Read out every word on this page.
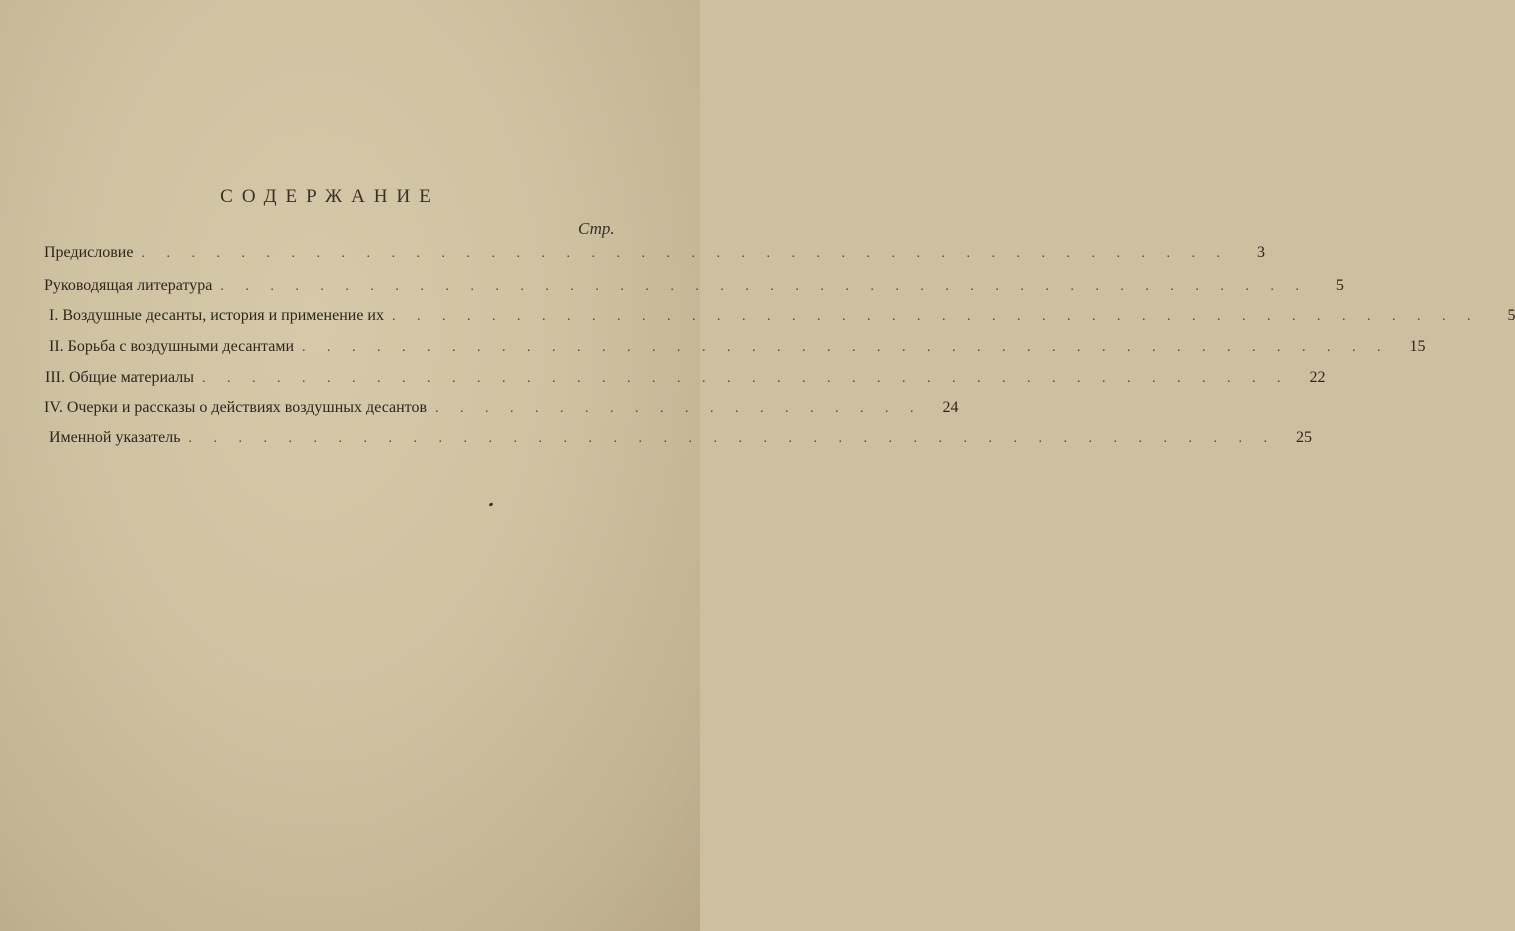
СОДЕРЖАНИЕ
Стр.
Предисловие . . . . . . . . . . . . . . . . . . . . . . . . . . . . . . . . . . . . . . . . . . . .	3
Руководящая литература . . . . . . . . . . . . . . . . . . . . . . . . . . . . . . . . . . . . . . . . . . . .	5
I. Воздушные десанты, история и применение их . . . . . . . . . . . . . . . . . . . . . . . . . . . . . . . . . . . . . . . . . . . .	5
II. Борьба с воздушными десантами . . . . . . . . . . . . . . . . . . . . . . . . . . . . . . . . . . . . . . . . . . . .	15
III. Общие материалы . . . . . . . . . . . . . . . . . . . . . . . . . . . . . . . . . . . . . . . . . . . .	22
IV. Очерки и рассказы о действиях воздушных десантов . . . . . . . . . . . . . . . . . . . .	24
Именной указатель . . . . . . . . . . . . . . . . . . . . . . . . . . . . . . . . . . . . . . . . . . . .	25
